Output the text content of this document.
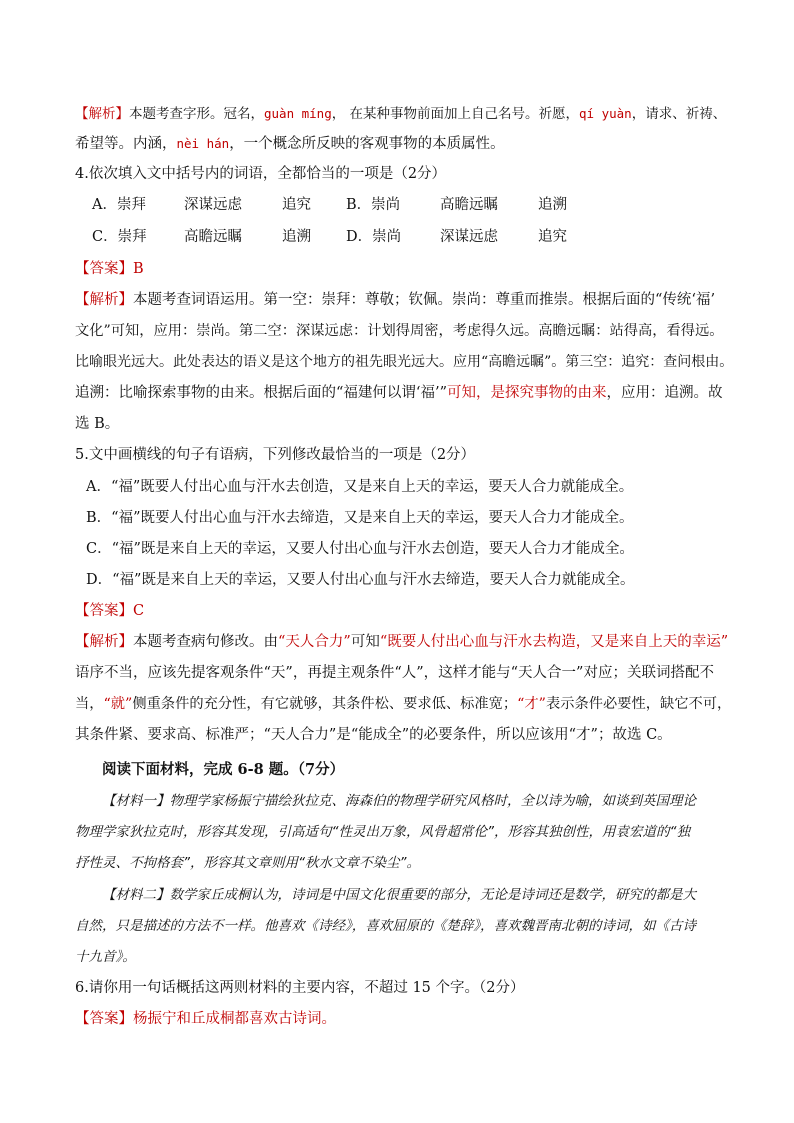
【解析】本题考查字形。冠名，guàn míng， 在某种事物前面加上自己名号。祈愿，qí yuàn，请求、祈祷、
希望等。内涵，nèi hán，一个概念所反映的客观事物的本质属性。
4.依次填入文中括号内的词语，全都恰当的一项是（2分）
A．崇拜	深谋远虑	追究 B．崇尚	高瞻远瞩	追溯
C．崇拜	高瞻远瞩	追溯 D．崇尚	深谋远虑	追究
【答案】B
【解析】本题考查词语运用。第一空：崇拜：尊敬；钦佩。崇尚：尊重而推崇。根据后面的“传统‘福’
文化”可知，应用：崇尚。第二空：深谋远虑：计划得周密，考虑得久远。高瞻远瞩：站得高，看得远。
比喻眼光远大。此处表达的语义是这个地方的祖先眼光远大。应用“高瞻远瞩”。第三空：追究：查问根由。
追溯：比喻探索事物的由来。根据后面的“福建何以谓‘福’”可知，是探究事物的由来，应用：追溯。故
选 B。
5.文中画横线的句子有语病，下列修改最恰当的一项是（2分）
A．“福”既要人付出心血与汗水去创造，又是来自上天的幸运，要天人合力就能成全。
B．“福”既要人付出心血与汗水去缔造，又是来自上天的幸运，要天人合力才能成全。
C．“福”既是来自上天的幸运，又要人付出心血与汗水去创造，要天人合力才能成全。
D．“福”既是来自上天的幸运，又要人付出心血与汗水去缔造，要天人合力就能成全。
【答案】C
【解析】本题考查病句修改。由“天人合力”可知“既要人付出心血与汗水去构造，又是来自上天的幸运”
语序不当，应该先提客观条件“天”，再提主观条件“人”，这样才能与“天人合一”对应；关联词搭配不
当，“就”侧重条件的充分性，有它就够，其条件松、要求低、标准宽；“才”表示条件必要性，缺它不可，
其条件紧、要求高、标准严；“天人合力”是“能成全”的必要条件，所以应该用“才”；故选 C。
阅读下面材料，完成 6-8 题。（7分）
【材料一】物理学家杨振宁描绘狄拉克、海森伯的物理学研究风格时，全以诗为喻，如谈到英国理论
物理学家狄拉克时，形容其发现，引高适句“性灵出万象，风骨超常伦”，形容其独创性，用袁宏道的“独
抒性灵、不拘格套”，形容其文章则用“秋水文章不染尘”。
【材料二】数学家丘成桐认为，诗词是中国文化很重要的部分，无论是诗词还是数学，研究的都是大
自然，只是描述的方法不一样。他喜欢《诗经》，喜欢屈原的《楚辞》，喜欢魏晋南北朝的诗词，如《古诗
十九首》。
6.请你用一句话概括这两则材料的主要内容，不超过 15 个字。（2分）
【答案】杨振宁和丘成桐都喜欢古诗词。
